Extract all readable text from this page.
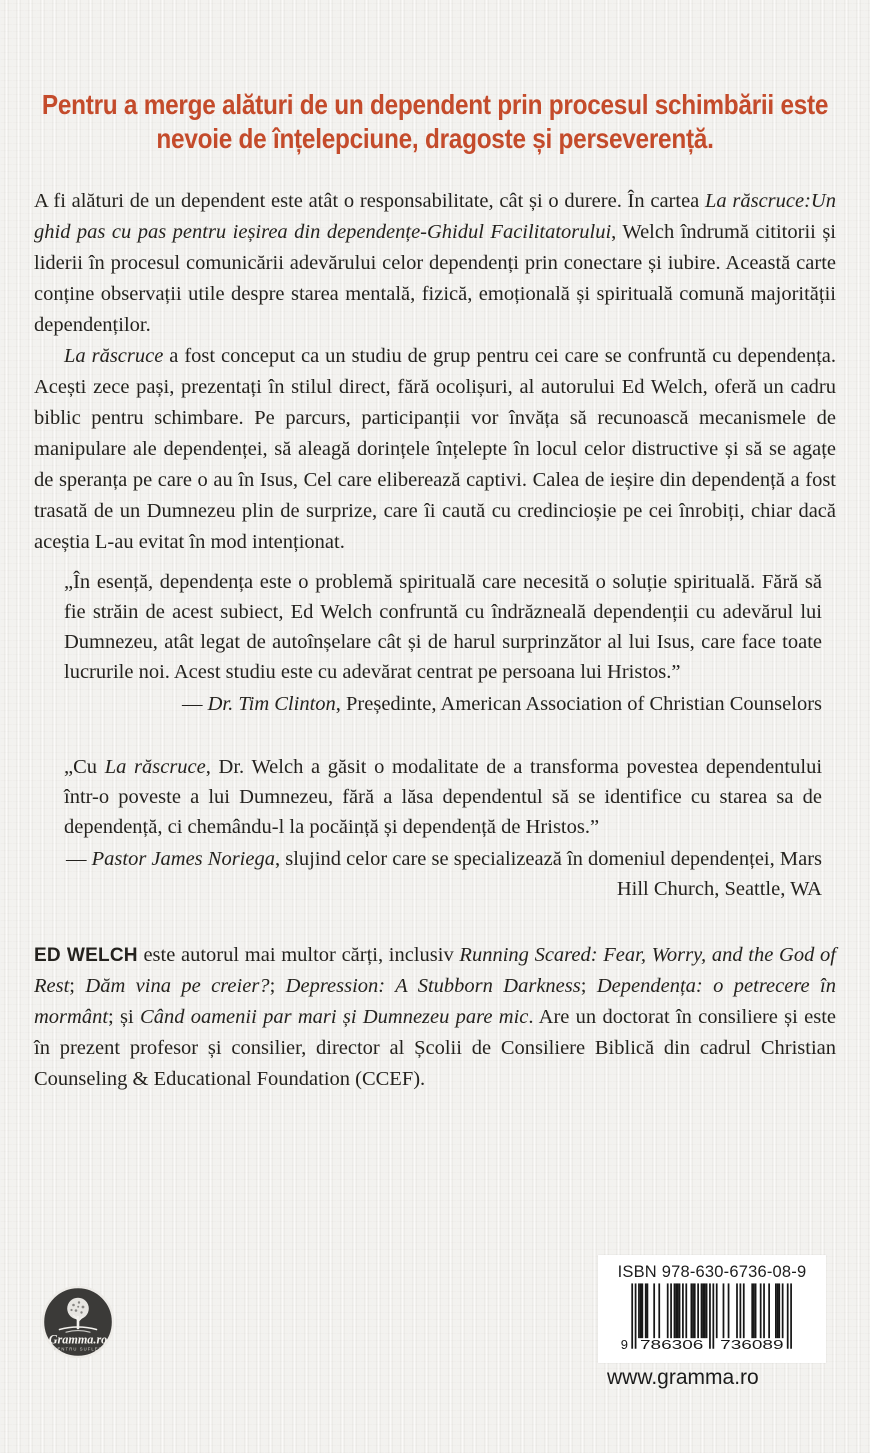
Pentru a merge alături de un dependent prin procesul schimbării este
nevoie de înțelepciune, dragoste și perseverență.

A fi alături de un dependent este atât o responsabilitate, cât și o durere. În cartea La răscruce:Un ghid pas cu pas pentru ieșirea din dependențe-Ghidul Facilitatorului, Welch îndrumă cititorii și liderii în procesul comunicării adevărului celor dependenți prin conectare și iubire. Această carte conține observații utile despre starea mentală, fizică, emoțională și spirituală comună majorității dependenților.

La răscruce a fost conceput ca un studiu de grup pentru cei care se confruntă cu dependența. Acești zece pași, prezentați în stilul direct, fără ocolișuri, al autorului Ed Welch, oferă un cadru biblic pentru schimbare. Pe parcurs, participanții vor învăța să recunoască mecanismele de manipulare ale dependenței, să aleagă dorințele înțelepte în locul celor distructive și să se agațe de speranța pe care o au în Isus, Cel care eliberează captivi. Calea de ieșire din dependență a fost trasată de un Dumnezeu plin de surprize, care îi caută cu credincioșie pe cei înrobiți, chiar dacă aceștia L-au evitat în mod intenționat.

„În esență, dependența este o problemă spirituală care necesită o soluție spirituală. Fără să fie străin de acest subiect, Ed Welch confruntă cu îndrăzneală dependenții cu adevărul lui Dumnezeu, atât legat de autoînșelare cât și de harul surprinzător al lui Isus, care face toate lucrurile noi. Acest studiu este cu adevărat centrat pe persoana lui Hristos.”

— Dr. Tim Clinton, Președinte, American Association of Christian Counselors

„Cu La răscruce, Dr. Welch a găsit o modalitate de a transforma povestea dependentului într-o poveste a lui Dumnezeu, fără a lăsa dependentul să se identifice cu starea sa de dependență, ci chemându-l la pocăință și dependență de Hristos.”

— Pastor James Noriega, slujind celor care se specializează în domeniul dependenței, Mars Hill Church, Seattle, WA

ED WELCH este autorul mai multor cărți, inclusiv Running Scared: Fear, Worry, and the God of Rest; Dăm vina pe creier?; Depression: A Stubborn Darkness; Dependența: o petrecere în mormânt; și Când oamenii par mari și Dumnezeu pare mic. Are un doctorat în consiliere și este în prezent profesor și consilier, director al Școlii de Consiliere Biblică din cadrul Christian Counseling & Educational Foundation (CCEF).

Gramma.ro
PENTRU SUFLET
ISBN 978-630-6736-08-9
9 786306 736089
www.gramma.ro
